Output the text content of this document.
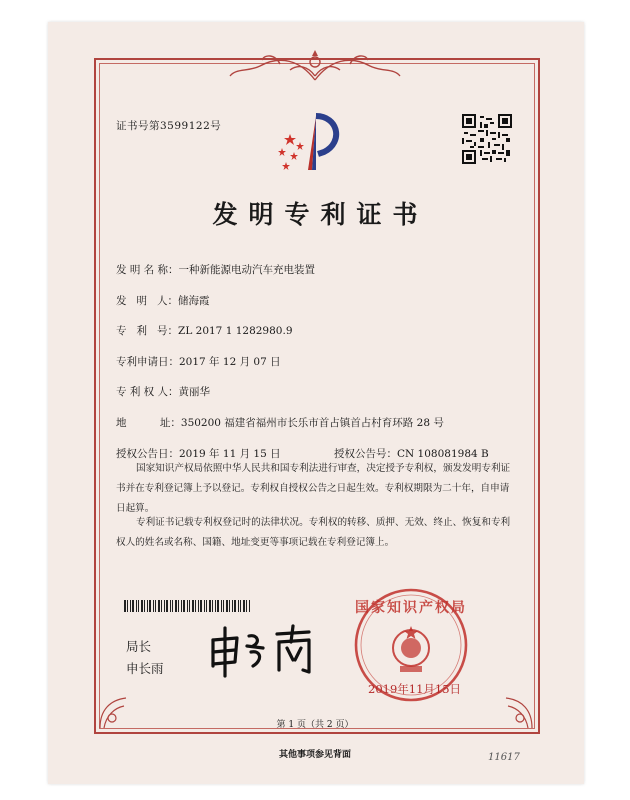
证书号第3599122号
发明专利证书
发 明 名 称：一种新能源电动汽车充电装置
发   明   人：储海霞
专   利   号：ZL 2017 1 1282980.9
专利申请日：2017 年 12 月 07 日
专 利 权 人：黄丽华
地          址：350200 福建省福州市长乐市首占镇首占村育环路 28 号
授权公告日：2019 年 11 月 15 日	授权公告号：CN 108081984 B
国家知识产权局依照中华人民共和国专利法进行审查，决定授予专利权，颁发发明专利证书并在专利登记簿上予以登记。专利权自授权公告之日起生效。专利权期限为二十年，自申请日起算。
专利证书记载专利权登记时的法律状况。专利权的转移、质押、无效、终止、恢复和专利权人的姓名或名称、国籍、地址变更等事项记载在专利登记簿上。
局长
申长雨
国家知识产权局
2019年11月15日
第 1 页（共 2 页）
其他事项参见背面	11617
